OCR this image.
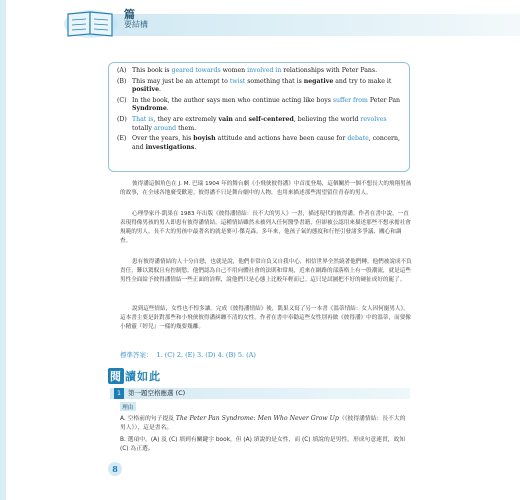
篇
要結構
(A) This book is geared towards women involved in relationships with Peter Pans.
(B) This may just be an attempt to twist something that is negative and try to make it positive.
(C) In the book, the author says men who continue acting like boys suffer from Peter Pan Syndrome.
(D) That is, they are extremely vain and self-centered, believing the world revolves totally around them.
(E) Over the years, his boyish attitude and actions have been cause for debate, concern, and investigations.

彼得潘這個角色在 J. M. 巴瑞 1904 年的舞台劇《小飛俠彼得潘》中首度登場，這個關於一個不想長大的飛翔男孩的故事，在全球各地廣受歡迎。彼得潘不只是舞台劇中的人物，也用來描述那些渴望留住青春的男人。

心理學家丹‧凱果在 1983 年出版《彼得潘情結：長不大的男人》一書，描述現代的彼得潘。作者在書中說，一直表現得像男孩的男人即患有彼得潘情結。這種情結雖然未被列入任何醫學書籍，但卻被公認用來描述那些不想承擔社會規範的男人。長不大的男孩中最著名的就是麥可‧傑克森。多年來，他孩子氣的態度和行徑引發諸多爭議、關心和調查。

患有彼得潘情結的人十分自戀，也就是說，他們非常自負又自我中心，相信世界全然繞著他們轉。他們被說成不負責任，難以駕馭且有控制慾。他們認為自己不用向體社會的法則和常規，近來在網路的部落格上有一股潮流，就是這些男性全面給予彼得潘情結一些正面的詮釋，說他們只是心態上比較年輕而已。這只是試圖把不好的硬扯成好的罷了。

說到這些情結，女性也不惶多讓。完成《彼得潘情結》後，凱果又寫了另一本書《溫蒂情結：女人因何寵男人》。這本書主要是針對那些和小飛俠彼得潘糾纏不清的女性。作者在書中奉勸這些女性別再做《彼得潘》中的溫蒂，而要像小精靈『婷兒』一樣的幾要幾離。

標準答案： 1. (C) 2. (E) 3. (D) 4. (B) 5. (A)
閱 讀如此
1 第一題空格應選 (C)
理由

A. 空格前的句子提及 The Peter Pan Syndrome: Men Who Never Grow Up（《彼得潘情結：長不大的男人》），這是書名。

B. 選項中，(A) 及 (C) 填到有關鍵字 book，但 (A) 填說的是女性，而 (C) 填說的是男性，形成句意連貫，故知 (C) 為正選。

8
